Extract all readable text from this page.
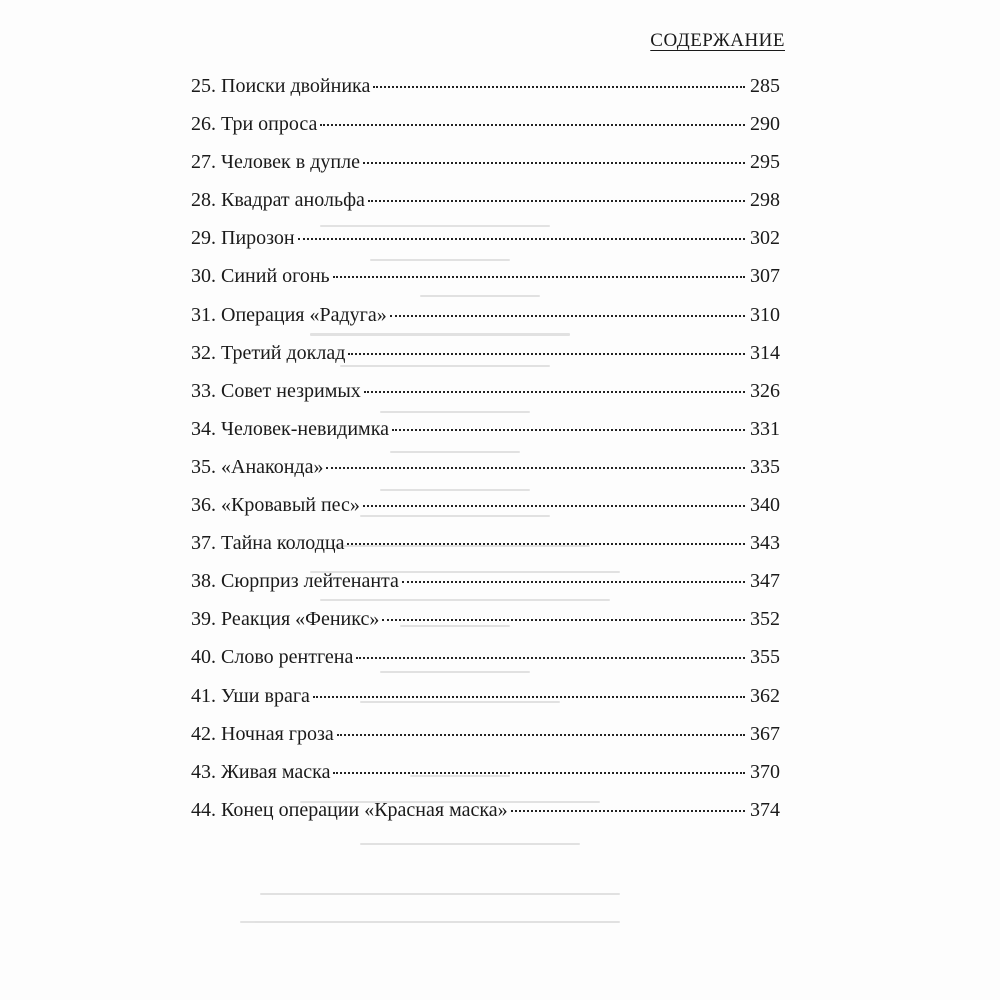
СОДЕРЖАНИЕ
25. Поиски двойника	285
26. Три опроса	290
27. Человек в дупле	295
28. Квадрат анольфа	298
29. Пирозон	302
30. Синий огонь	307
31. Операция «Радуга»	310
32. Третий доклад	314
33. Совет незримых	326
34. Человек-невидимка	331
35. «Анаконда»	335
36. «Кровавый пес»	340
37. Тайна колодца	343
38. Сюрприз лейтенанта	347
39. Реакция «Феникс»	352
40. Слово рентгена	355
41. Уши врага	362
42. Ночная гроза	367
43. Живая маска	370
44. Конец операции «Красная маска»	374
